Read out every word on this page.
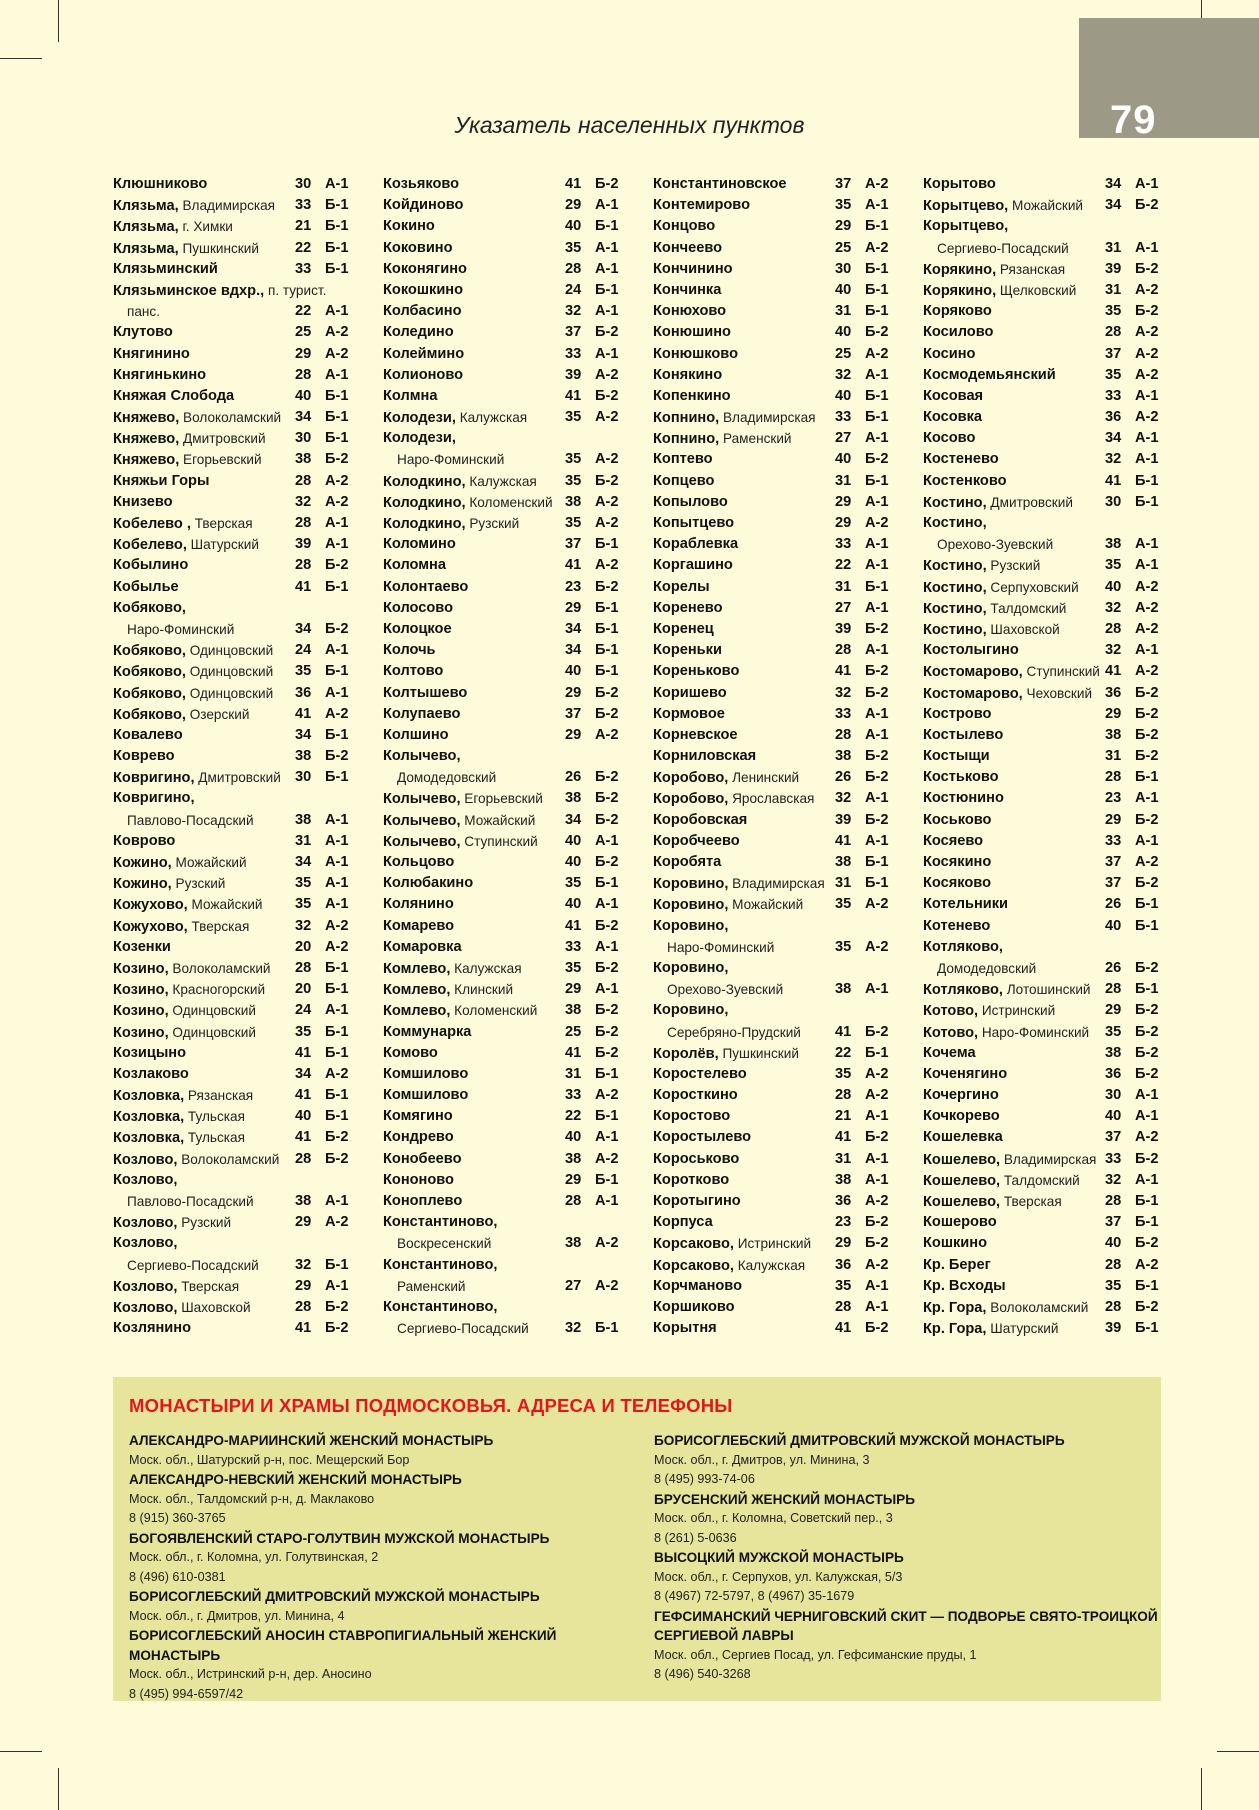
79
Указатель населенных пунктов
Клюшниково	30 А-1
Клязьма, Владимирская 33 Б-1
Клязьма, г. Химки	21 Б-1
Клязьма, Пушкинский 22 Б-1
Клязьминский	33 Б-1
Клязьминское вдхр., п. турист.
панс.	22 А-1
Клутово	25 А-2
Княгинино	29 А-2
Княгинькино	28 А-1
Княжая Слобода	40 Б-1
Княжево, Волоколамский 34 Б-1
Княжево, Дмитровский 30 Б-1
Княжево, Егорьевский 38 Б-2
Княжьи Горы	28 А-2
Книзево	32 А-2
Кобелево , Тверская	28 А-1
Кобелево, Шатурский 39 А-1
Кобылино	28 Б-2
Кобылье	41 Б-1
Кобяково,
Наро-Фоминский	34 Б-2
Кобяково, Одинцовский 24 А-1
Кобяково, Одинцовский 35 Б-1
Кобяково, Одинцовский 36 А-1
Кобяково, Озерский	41 А-2
Ковалево	34 Б-1
Коврево	38 Б-2
Ковригино, Дмитровский 30 Б-1
Ковригино,
Павлово-Посадский	38 А-1
Коврово	31 А-1
Кожино, Можайский	34 А-1
Кожино, Рузский	35 А-1
Кожухово, Можайский 35 А-1
Кожухово, Тверская	32 А-2
Козенки	20 А-2
Козино, Волоколамский 28 Б-1
Козино, Красногорский 20 Б-1
Козино, Одинцовский	24 А-1
Козино, Одинцовский	35 Б-1
Козицыно	41 Б-1
Козлаково	34 А-2
Козловка, Рязанская	41 Б-1
Козловка, Тульская	40 Б-1
Козловка, Тульская	41 Б-2
Козлово, Волоколамский 28 Б-2
Козлово,
Павлово-Посадский	38 А-1
Козлово, Рузский	29 А-2
Козлово,
Сергиево-Посадский 32 Б-1
Козлово, Тверская	29 А-1
Козлово, Шаховской	28 Б-2
Козлянино	41 Б-2
Козьяково	41 Б-2
Койдиново	29 А-1
Кокино	40 Б-1
Коковино	35 А-1
Коконягино	28 А-1
Кокошкино	24 Б-1
Колбасино	32 А-1
Коледино	37 Б-2
Колеймино	33 А-1
Колионово	39 А-2
Колмна	41 Б-2
Колодези, Калужская	35 А-2
Колодези,
Наро-Фоминский	35 А-2
Колодкино, Калужская 35 Б-2
Колодкино, Коломенский 38 А-2
Колодкино, Рузский	35 А-2
Коломино	37 Б-1
Коломна	41 А-2
Колонтаево	23 Б-2
Колосово	29 Б-1
Колоцкое	34 Б-1
Колочь	34 Б-1
Колтово	40 Б-1
Колтышево	29 Б-2
Колупаево	37 Б-2
Колшино	29 А-2
Колычево,
Домодедовский	26 Б-2
Колычево, Егорьевский 38 Б-2
Колычево, Можайский 34 Б-2
Колычево, Ступинский 40 А-1
Кольцово	40 Б-2
Колюбакино	35 Б-1
Колянино	40 А-1
Комарево	41 Б-2
Комаровка	33 А-1
Комлево, Калужская	35 Б-2
Комлево, Клинский	29 А-1
Комлево, Коломенский 38 Б-2
Коммунарка	25 Б-2
Комово	41 Б-2
Комшилово	31 Б-1
Комшилово	33 А-2
Комягино	22 Б-1
Кондрево	40 А-1
Конобеево	38 А-2
Кононово	29 Б-1
Коноплево	28 А-1
Константиново,
Воскресенский	38 А-2
Константиново,
Раменский	27 А-2
Константиново,
Сергиево-Посадский 32 Б-1
Константиновское	37 А-2
Контемирово	35 А-1
Концово	29 Б-1
Кончеево	25 А-2
Кончинино	30 Б-1
Кончинка	40 Б-1
Конюхово	31 Б-1
Конюшино	40 Б-2
Конюшково	25 А-2
Конякино	32 А-1
Копенкино	40 Б-1
Копнино, Владимирская 33 Б-1
Копнино, Раменский	27 А-1
Коптево	40 Б-2
Копцево	31 Б-1
Копылово	29 А-1
Копытцево	29 А-2
Кораблевка	33 А-1
Коргашино	22 А-1
Корелы	31 Б-1
Коренево	27 А-1
Коренец	39 Б-2
Кореньки	28 А-1
Кореньково	41 Б-2
Коришево	32 Б-2
Кормовое	33 А-1
Корневское	28 А-1
Корниловская	38 Б-2
Коробово, Ленинский 26 Б-2
Коробово, Ярославская 32 А-1
Коробовская	39 Б-2
Коробчеево	41 А-1
Коробята	38 Б-1
Коровино, Владимирская 31 Б-1
Коровино, Можайский 35 А-2
Коровино,
Наро-Фоминский	35 А-2
Коровино,
Орехово-Зуевский	38 А-1
Коровино,
Серебряно-Прудский 41 Б-2
Королёв, Пушкинский 22 Б-1
Коростелево	35 А-2
Коросткино	28 А-2
Коростово	21 А-1
Коростылево	41 Б-2
Короськово	31 А-1
Коротково	38 А-1
Коротыгино	36 А-2
Корпуса	23 Б-2
Корсаково, Истринский 29 Б-2
Корсаково, Калужская 36 А-2
Корчманово	35 А-1
Коршиково	28 А-1
Корытня	41 Б-2
Корытово	34 А-1
Корытцево, Можайский 34 Б-2
Корытцево,
Сергиево-Посадский 31 А-1
Корякино, Рязанская	39 Б-2
Корякино, Щелковский 31 А-2
Коряково	35 Б-2
Косилово	28 А-2
Косино	37 А-2
Космодемьянский	35 А-2
Косовая	33 А-1
Косовка	36 А-2
Косово	34 А-1
Костенево	32 А-1
Костенково	41 Б-1
Костино, Дмитровский 30 Б-1
Костино,
Орехово-Зуевский	38 А-1
Костино, Рузский	35 А-1
Костино, Серпуховский 40 А-2
Костино, Талдомский	32 А-2
Костино, Шаховской	28 А-2
Костолыгино	32 А-1
Костомарово, Ступинский 41 А-2
Костомарово, Чеховский 36 Б-2
Кострово	29 Б-2
Костылево	38 Б-2
Костыщи	31 Б-2
Костьково	28 Б-1
Костюнино	23 А-1
Коськово	29 Б-2
Косяево	33 А-1
Косякино	37 А-2
Косяково	37 Б-2
Котельники	26 Б-1
Котенево	40 Б-1
Котляково,
Домодедовский	26 Б-2
Котляково, Лотошинский 28 Б-1
Котово, Истринский	29 Б-2
Котово, Наро-Фоминский 35 Б-2
Кочема	38 Б-2
Коченягино	36 Б-2
Кочергино	30 А-1
Кочкорево	40 А-1
Кошелевка	37 А-2
Кошелево, Владимирская 33 Б-2
Кошелево, Талдомский 32 А-1
Кошелево, Тверская	28 Б-1
Кошерово	37 Б-1
Кошкино	40 Б-2
Кр. Берег	28 А-2
Кр. Всходы	35 Б-1
Кр. Гора, Волоколамский 28 Б-2
Кр. Гора, Шатурский	39 Б-1
МОНАСТЫРИ И ХРАМЫ ПОДМОСКОВЬЯ. АДРЕСА И ТЕЛЕФОНЫ
АЛЕКСАНДРО-МАРИИНСКИЙ ЖЕНСКИЙ МОНАСТЫРЬ
Моск. обл., Шатурский р-н, пос. Мещерский Бор
АЛЕКСАНДРО-НЕВСКИЙ ЖЕНСКИЙ МОНАСТЫРЬ
Моск. обл., Талдомский р-н, д. Маклаково
8 (915) 360-3765
БОГОЯВЛЕНСКИЙ СТАРО-ГОЛУТВИН МУЖСКОЙ МОНАСТЫРЬ
Моск. обл., г. Коломна, ул. Голутвинская, 2
8 (496) 610-0381
БОРИСОГЛЕБСКИЙ ДМИТРОВСКИЙ МУЖСКОЙ МОНАСТЫРЬ
Моск. обл., г. Дмитров, ул. Минина, 4
БОРИСОГЛЕБСКИЙ АНОСИН СТАВРОПИГИАЛЬНЫЙ ЖЕНСКИЙ МОНАСТЫРЬ
Моск. обл., Истринский р-н, дер. Аносино
8 (495) 994-6597/42
БОРИСОГЛЕБСКИЙ ДМИТРОВСКИЙ МУЖСКОЙ МОНАСТЫРЬ
Моск. обл., г. Дмитров, ул. Минина, 3
8 (495) 993-74-06
БРУСЕНСКИЙ ЖЕНСКИЙ МОНАСТЫРЬ
Моск. обл., г. Коломна, Советский пер., 3
8 (261) 5-0636
ВЫСОЦКИЙ МУЖСКОЙ МОНАСТЫРЬ
Моск. обл., г. Серпухов, ул. Калужская, 5/3
8 (4967) 72-5797, 8 (4967) 35-1679
ГЕФСИМАНСКИЙ ЧЕРНИГОВСКИЙ СКИТ — ПОДВОРЬЕ СВЯТО-ТРОИЦКОЙ
СЕРГИЕВОЙ ЛАВРЫ
Моск. обл., Сергиев Посад, ул. Гефсиманские пруды, 1
8 (496) 540-3268
